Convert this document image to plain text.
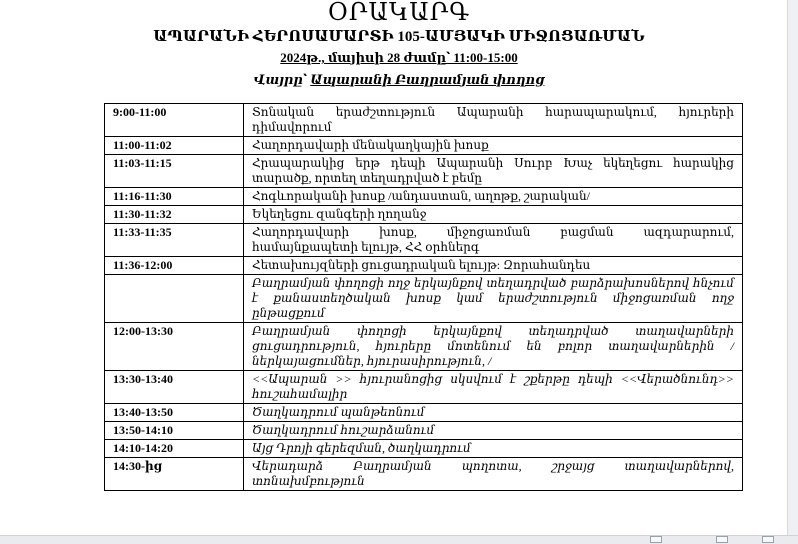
ՕՐԱԿԱՐԳ
ԱՊԱՐԱՆԻ ՀԵՐՈՍԱՄԱՐՏԻ 105-ԱՄՅԱԿԻ ՄԻՋՈՑԱՌՄԱՆ
2024թ., մայիսի 28 ժամը՝ 11:00-15:00
Վայրը՝ Ապարանի Բաղրամյան փողոց
9:00-11:00	Տոնական երաժշտություն Ապարանի հարապարակում, հյուրերի դիմավորում
11:00-11:02	Հաղորդավարի մենակաղկային խոսք
11:03-11:15	Հրապարակից երթ դեպի Ապարանի Սուրբ Խաչ եկեղեցու հարակից տարածք, որտեղ տեղադրված է բեմը
11:16-11:30	Հոգևորականի խոսք /անդաստան, աղոթք, շարական/
11:30-11:32	Եկեղեցու զանգերի ղողանջ
11:33-11:35	Հաղորդավարի խոսք, միջոցառման բացման ազդարարում, համայնքապետի ելույթ, ՀՀ օրհներգ
11:36-12:00	Հետախույզների ցուցադրական ելույթ: Զորահանդես
	Բաղրամյան փողոցի ողջ երկայնքով տեղադրված բարձրախոսներով հնչում է քանաստեղծական խոսք կամ երաժշտություն միջոցառման ողջ ընթացքում
12:00-13:30	Բաղրամյան փողոցի երկայնքով տեղադրված տաղավարների ցուցադրություն, հյուրերը մոտենում են բոլոր տաղավարներին /ներկայացումներ, հյուրասիրություն, /
13:30-13:40	<<Ապարան >> հյուրանոցից սկսվում է շքերթը դեպի <<Վերածնունդ>> հուշահամալիր
13:40-13:50	Ծաղկադրում պանթեոնում
13:50-14:10	Ծաղկադրում հուշարձանում
14:10-14:20	Այց Դրոյի գերեզման, ծաղկադրում
14:30-ից	Վերադարձ Բաղրամյան պողոտա, շրջայց տաղավարներով, տոնախմբություն
